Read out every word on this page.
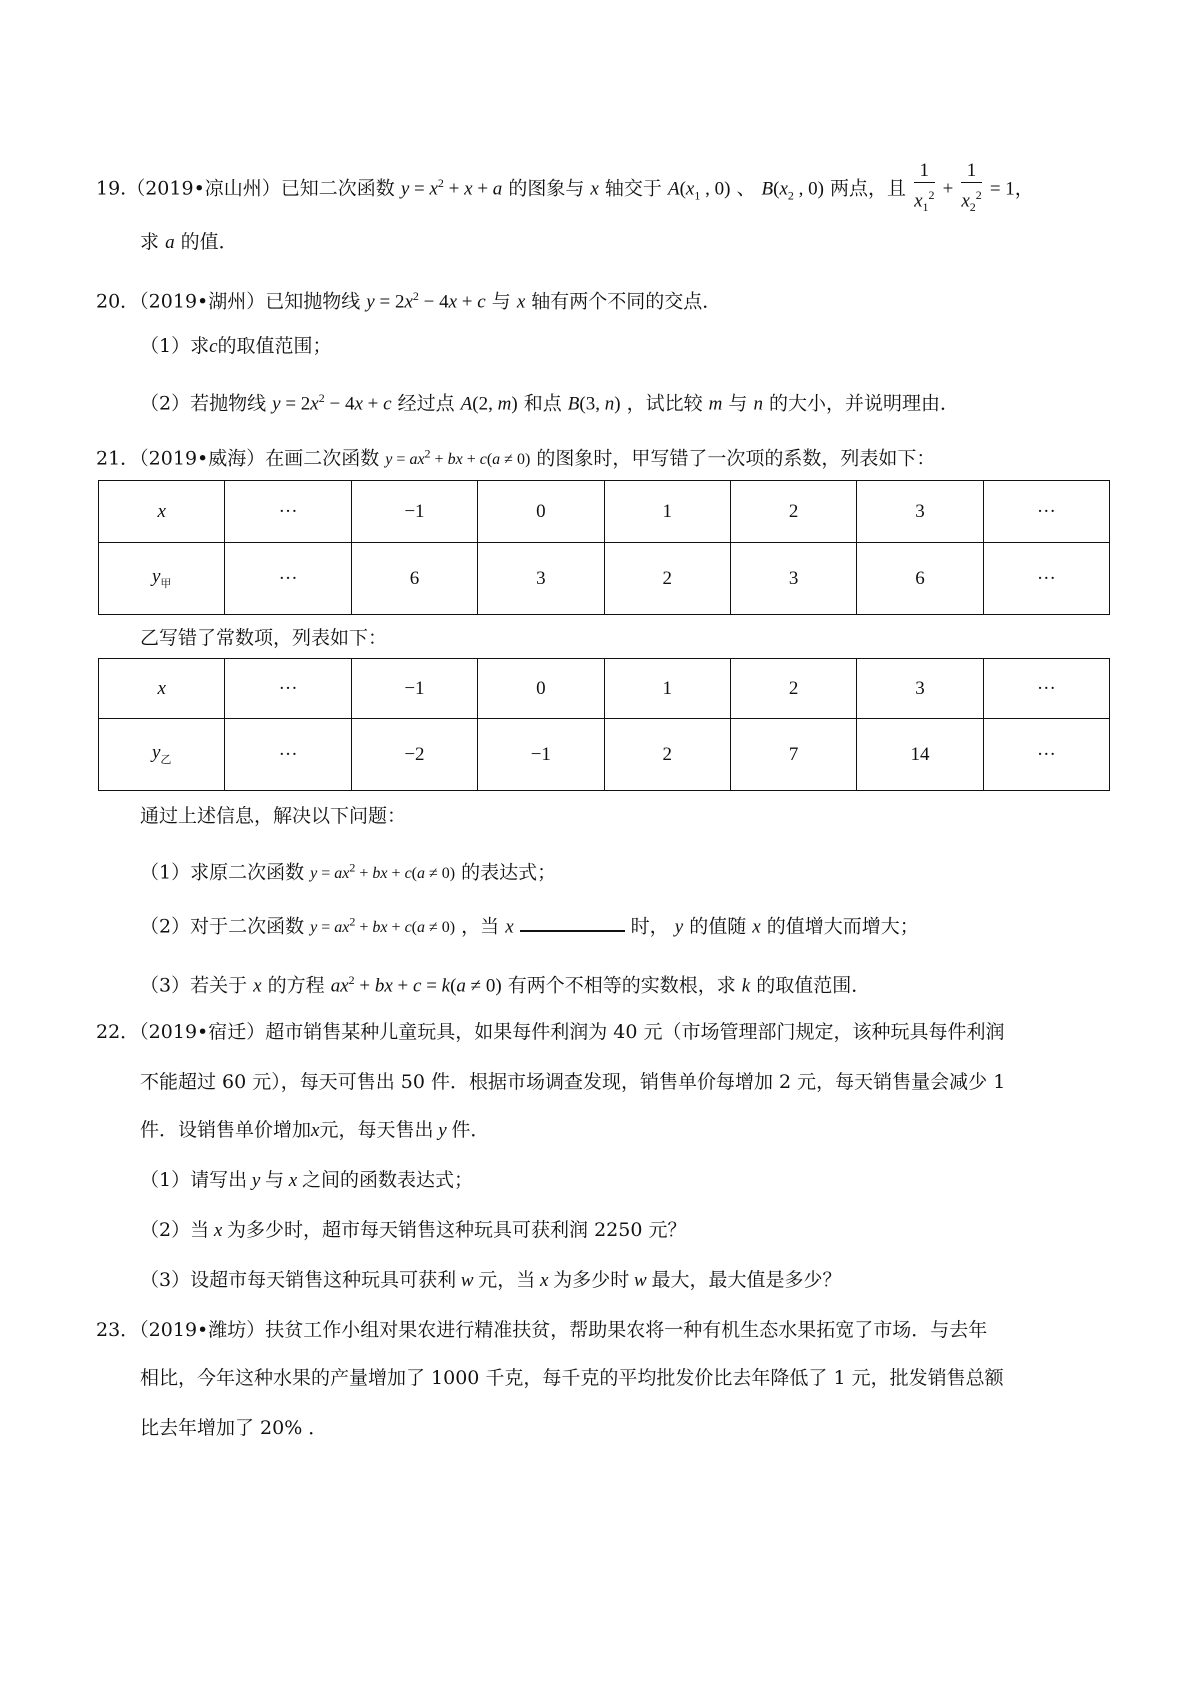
19.（2019•凉山州）已知二次函数 $y = x^2 + x + a$ 的图象与 x 轴交于 $A(x_1$ , 0) 、 $B(x_2$ , 0) 两点，且 $\frac{1}{x_1^2} + \frac{1}{x_2^2} = 1$，
求 a 的值．
20．（2019•湖州）已知抛物线 $y = 2x^2 - 4x + c$ 与 x 轴有两个不同的交点．
（1）求c的取值范围；
（2）若抛物线 $y = 2x^2 - 4x + c$ 经过点 A(2, m) 和点 B(3, n) ，试比较 m 与 n 的大小，并说明理由．
21．（2019•威海）在画二次函数 $y = ax^2$ + bx + c(a ≠ 0) 的图象时，甲写错了一次项的系数，列表如下：
x	···	−1	0	1	2	3	···
$y_甲$	···	6	3	2	3	6	···
乙写错了常数项，列表如下：
x	···	−1	0	1	2	3	···
$y_乙$	···	−2	−1	2	7	14	···
通过上述信息，解决以下问题：
（1）求原二次函数 $y = ax^2$ + bx + c(a ≠ 0) 的表达式；
（2）对于二次函数 $y = ax^2$ + bx + c(a ≠ 0) ，当 x	时， y 的值随 x 的值增大而增大；
（3）若关于 x 的方程 $ax^2$ + bx + c = k(a ≠ 0) 有两个不相等的实数根，求 k 的取值范围．
22．（2019•宿迁）超市销售某种儿童玩具，如果每件利润为 40 元（市场管理部门规定，该种玩具每件利润
不能超过 60 元），每天可售出 50 件．根据市场调查发现，销售单价每增加 2 元，每天销售量会减少 1
件．设销售单价增加x元，每天售出 y 件．
（1）请写出 y 与 x 之间的函数表达式；
（2）当 x 为多少时，超市每天销售这种玩具可获利润 2250 元？
（3）设超市每天销售这种玩具可获利 w 元，当 x 为多少时 w 最大，最大值是多少？
23．（2019•潍坊）扶贫工作小组对果农进行精准扶贫，帮助果农将一种有机生态水果拓宽了市场．与去年
相比，今年这种水果的产量增加了 1000 千克，每千克的平均批发价比去年降低了 1 元，批发销售总额
比去年增加了 20% ．
